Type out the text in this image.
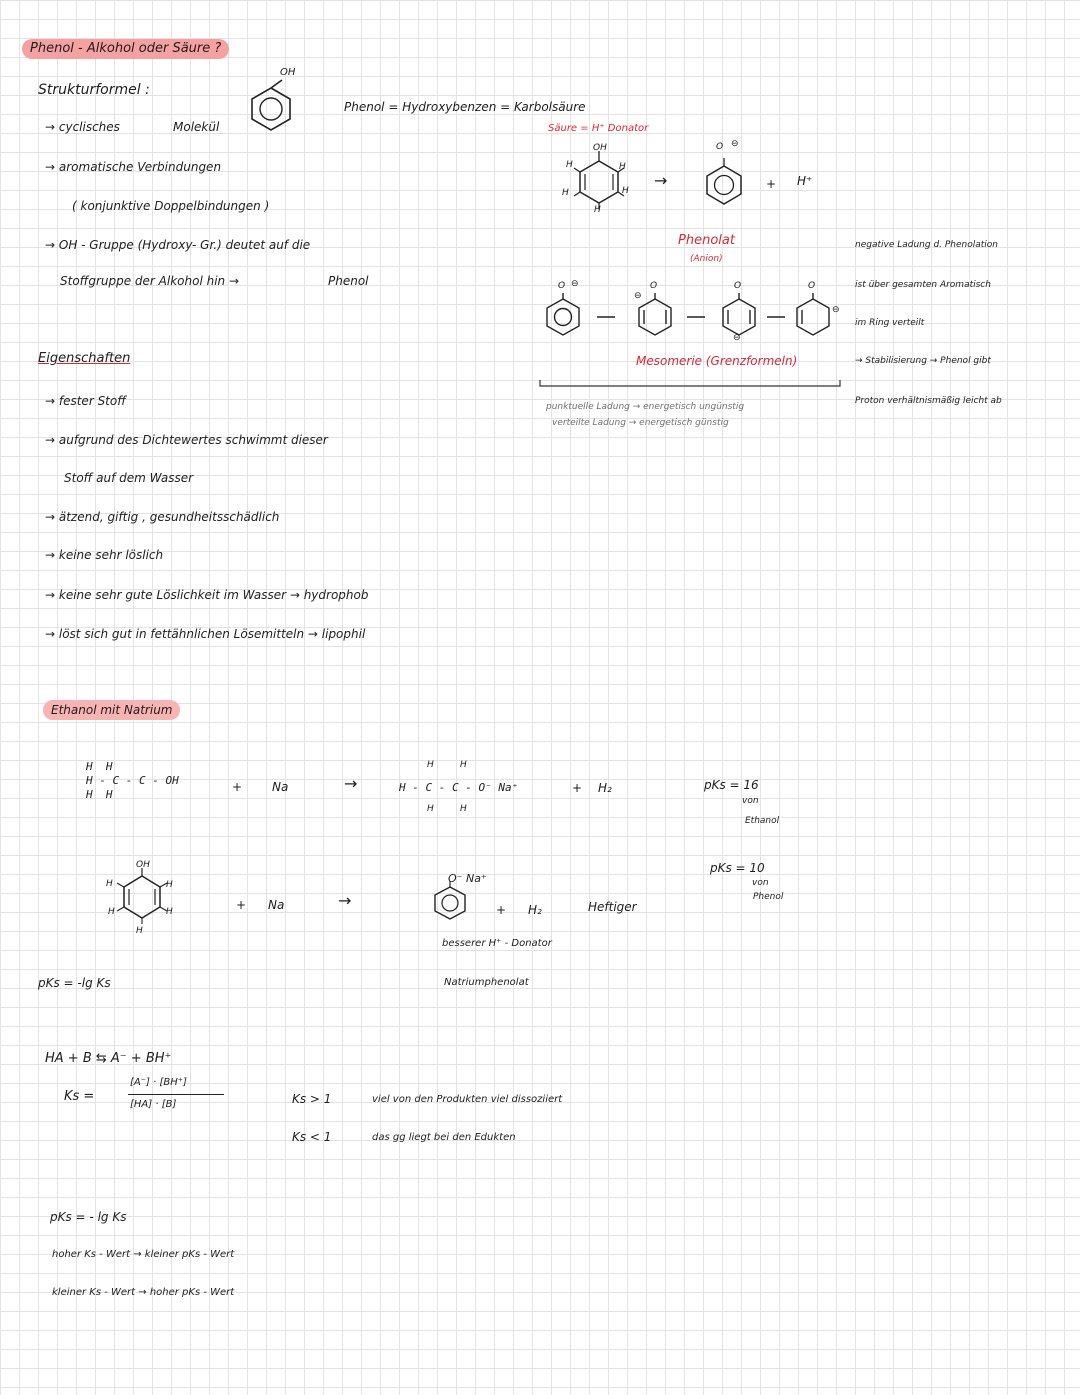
Phenol - Alkohol oder Säure ?
Strukturformel :
OH
→ cyclisches	Molekül
→ aromatische Verbindungen
( konjunktive Doppelbindungen )
→ OH - Gruppe (Hydroxy- Gr.) deutet auf die
Stoffgruppe der Alkohol hin →	Phenol
Phenol = Hydroxybenzen = Karbolsäure
Säure = H⁺ Donator
OH
H	H
H	H
H
→
O ⊖
+ H⁺
Phenolat
(Anion)
O ⊖	O
⊖
O
⊖
O
⊖
Mesomerie (Grenzformeln)
punktuelle Ladung → energetisch ungünstig
verteilte Ladung → energetisch günstig
negative Ladung d. Phenolation
ist über gesamten Aromatisch
im Ring verteilt
→ Stabilisierung → Phenol gibt
Proton verhältnismäßig leicht ab
Eigenschaften
→ fester Stoff
→ aufgrund des Dichtewertes schwimmt dieser
Stoff auf dem Wasser
→ ätzend, giftig , gesundheitsschädlich
→ keine sehr löslich
→ keine sehr gute Löslichkeit im Wasser → hydrophob
→ löst sich gut in fettähnlichen Lösemitteln → lipophil
Ethanol mit Natrium
H  H
H - C - C - OH
H  H
+ Na	→
H	H
H - C - C - O⁻ Na⁺
H	H
+ H₂	pKs = 16
von
Ethanol
OH
H	H
H	H
H
+ Na	→
O⁻ Na⁺
+ H₂	Heftiger
besserer H⁺ - Donator
Natriumphenolat
pKs = 10
von
Phenol
pKs = -lg Ks
HA + B ⇆ A⁻ + BH⁺
Ks =
[A⁻] · [BH⁺]
[HA] · [B]	Ks > 1	viel von den Produkten viel dissoziiert
Ks < 1	das gg liegt bei den Edukten
pKs = - lg Ks
hoher Ks - Wert → kleiner pKs - Wert
kleiner Ks - Wert → hoher pKs - Wert
